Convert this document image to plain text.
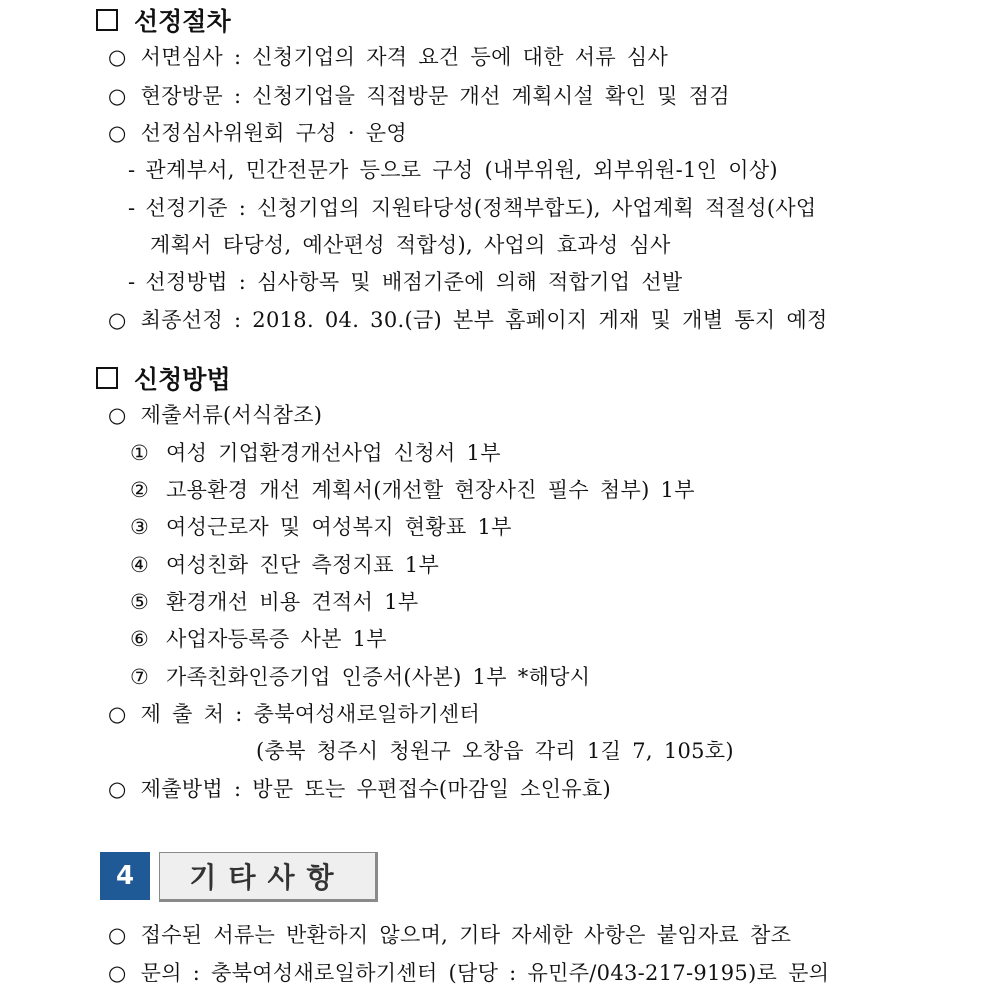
선정절차
○ 서면심사 : 신청기업의 자격 요건 등에 대한 서류 심사
○ 현장방문 : 신청기업을 직접방문 개선 계획시설 확인 및 점검
○ 선정심사위원회 구성 · 운영
- 관계부서, 민간전문가 등으로 구성 (내부위원, 외부위원-1인 이상)
- 선정기준 : 신청기업의 지원타당성(정책부합도), 사업계획 적절성(사업
계획서 타당성, 예산편성 적합성), 사업의 효과성 심사
- 선정방법 : 심사항목 및 배점기준에 의해 적합기업 선발
○ 최종선정 : 2018. 04. 30.(금) 본부 홈페이지 게재 및 개별 통지 예정
신청방법
○ 제출서류(서식참조)
① 여성 기업환경개선사업 신청서 1부
② 고용환경 개선 계획서(개선할 현장사진 필수 첨부) 1부
③ 여성근로자 및 여성복지 현황표 1부
④ 여성친화 진단 측정지표 1부
⑤ 환경개선 비용 견적서 1부
⑥ 사업자등록증 사본 1부
⑦ 가족친화인증기업 인증서(사본) 1부 *해당시
○ 제 출 처 : 충북여성새로일하기센터
(충북 청주시 청원구 오창읍 각리 1길 7, 105호)
○ 제출방법 : 방문 또는 우편접수(마감일 소인유효)
4	기타사항
○ 접수된 서류는 반환하지 않으며, 기타 자세한 사항은 붙임자료 참조
○ 문의 : 충북여성새로일하기센터 (담당 : 유민주/043-217-9195)로 문의
